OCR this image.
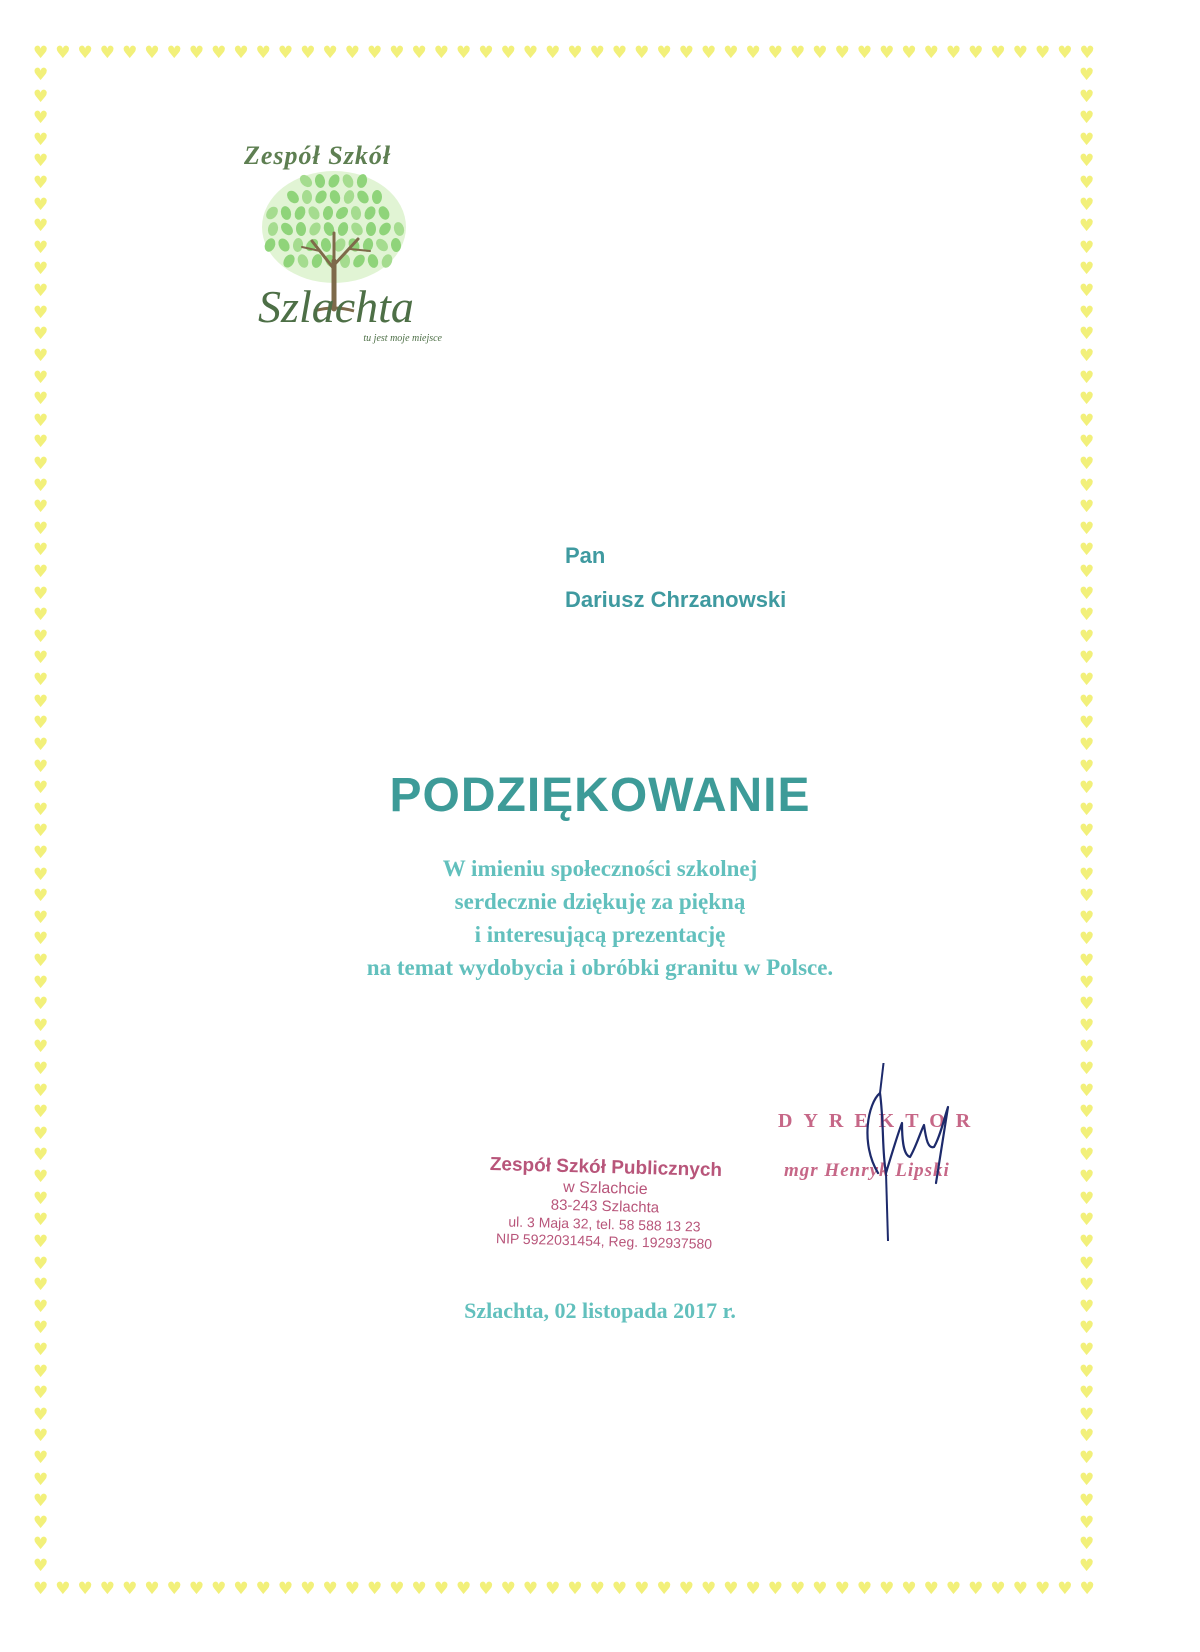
♥ ♥ ♥ ♥ ♥ ♥ ♥ ♥ ♥ ♥ ♥ ♥ ♥ ♥ ♥ ♥ ♥ ♥ ♥ ♥ ♥ ♥ ♥ ♥ ♥ ♥ ♥ ♥ ♥ ♥ ♥ ♥ ♥ ♥ ♥ ♥ ♥ ♥ ♥ ♥ ♥ ♥ ♥ ♥ ♥ ♥ ♥ ♥
♥ ♥ ♥ ♥ ♥ ♥ ♥ ♥ ♥ ♥ ♥ ♥ ♥ ♥ ♥ ♥ ♥ ♥ ♥ ♥ ♥ ♥ ♥ ♥ ♥ ♥ ♥ ♥ ♥ ♥ ♥ ♥ ♥ ♥ ♥ ♥ ♥ ♥ ♥ ♥ ♥ ♥ ♥ ♥ ♥ ♥ ♥ ♥
♥
♥
♥
♥
♥
♥
♥
♥
♥
♥
♥
♥
♥
♥
♥
♥
♥
♥
♥
♥
♥
♥
♥
♥
♥
♥
♥
♥
♥
♥
♥
♥
♥
♥
♥
♥
♥
♥
♥
♥
♥
♥
♥
♥
♥
♥
♥
♥
♥
♥
♥
♥
♥
♥
♥
♥
♥
♥
♥
♥
♥
♥
♥
♥
♥
♥
♥
♥
♥
♥
♥
♥
♥
♥
♥
♥
♥
♥
♥
♥
♥
♥
♥
♥
♥
♥
♥
♥
♥
♥
♥
♥
♥
♥
♥
♥
♥
♥
♥
♥
♥
♥
♥
♥
♥
♥
♥
♥
♥
♥
♥
♥
♥
♥
♥
♥
♥
♥
♥
♥
♥
♥
♥
♥
♥
♥
♥
♥
♥
♥
♥
♥
♥
♥
♥
♥
♥
♥
♥
♥
Zespół Szkół
Szlachta
tu jest moje miejsce
Pan
Dariusz Chrzanowski
PODZIĘKOWANIE
W imieniu społeczności szkolnej
serdecznie dziękuję za piękną
i interesującą prezentację
na temat wydobycia i obróbki granitu w Polsce.
Zespół Szkół Publicznych
w Szlachcie
83-243 Szlachta
ul. 3 Maja 32, tel. 58 588 13 23
NIP 5922031454, Reg. 192937580
DYREKTOR
mgr Henryk Lipski
Szlachta, 02 listopada 2017 r.
